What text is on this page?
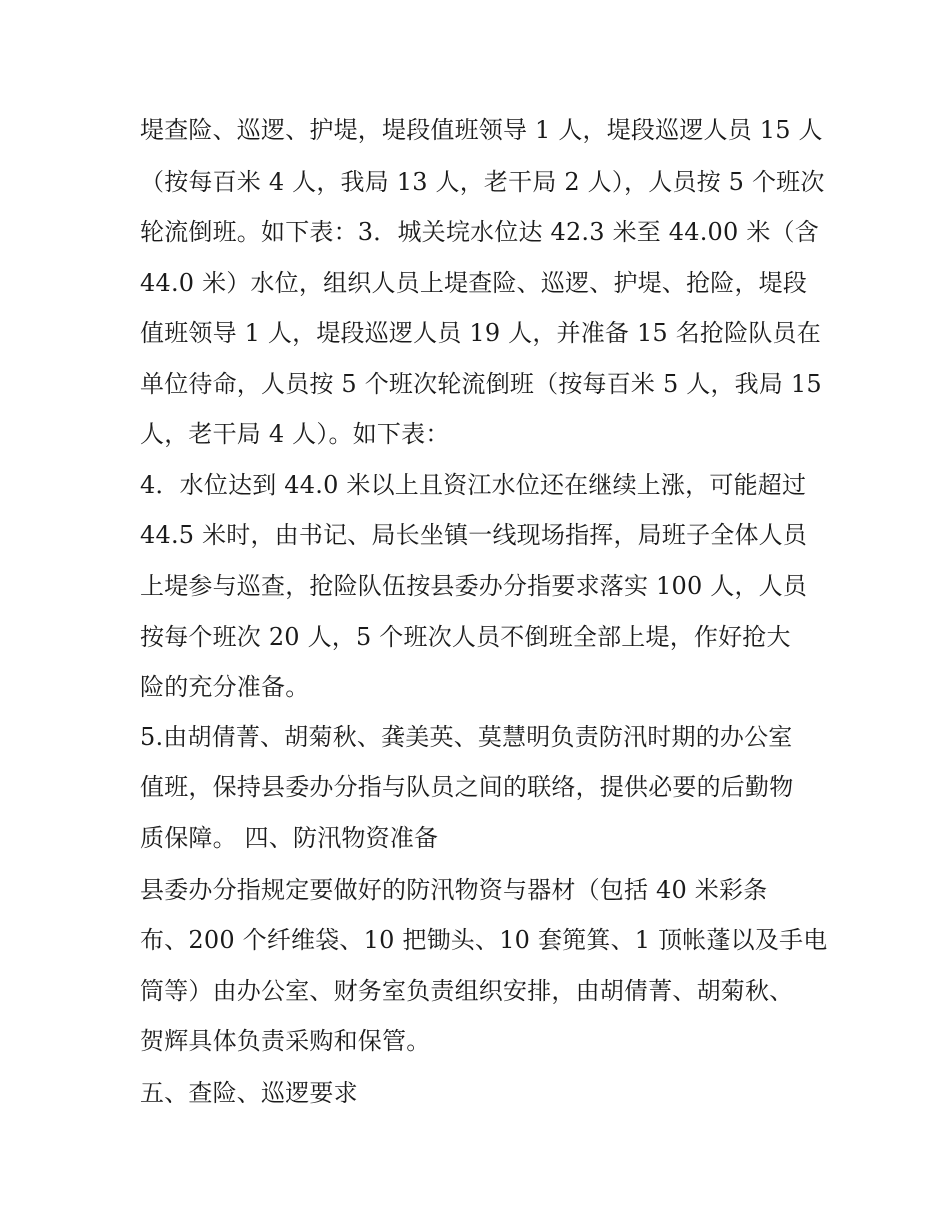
堤查险、巡逻、护堤，堤段值班领导 1 人，堤段巡逻人员 15 人
（按每百米 4 人，我局 13 人，老干局 2 人），人员按 5 个班次
轮流倒班。如下表：3．城关垸水位达 42.3 米至 44.00 米（含
44.0 米）水位，组织人员上堤查险、巡逻、护堤、抢险，堤段
值班领导 1 人，堤段巡逻人员 19 人，并准备 15 名抢险队员在
单位待命，人员按 5 个班次轮流倒班（按每百米 5 人，我局 15
人，老干局 4 人）。如下表：
4．水位达到 44.0 米以上且资江水位还在继续上涨，可能超过
44.5 米时，由书记、局长坐镇一线现场指挥，局班子全体人员
上堤参与巡查，抢险队伍按县委办分指要求落实 100 人，人员
按每个班次 20 人，5 个班次人员不倒班全部上堤，作好抢大
险的充分准备。
5.由胡倩菁、胡菊秋、龚美英、莫慧明负责防汛时期的办公室
值班，保持县委办分指与队员之间的联络，提供必要的后勤物
质保障。 四、防汛物资准备
县委办分指规定要做好的防汛物资与器材（包括 40 米彩条
布、200 个纤维袋、10 把锄头、10 套篼箕、1 顶帐蓬以及手电
筒等）由办公室、财务室负责组织安排，由胡倩菁、胡菊秋、
贺辉具体负责采购和保管。
五、查险、巡逻要求
